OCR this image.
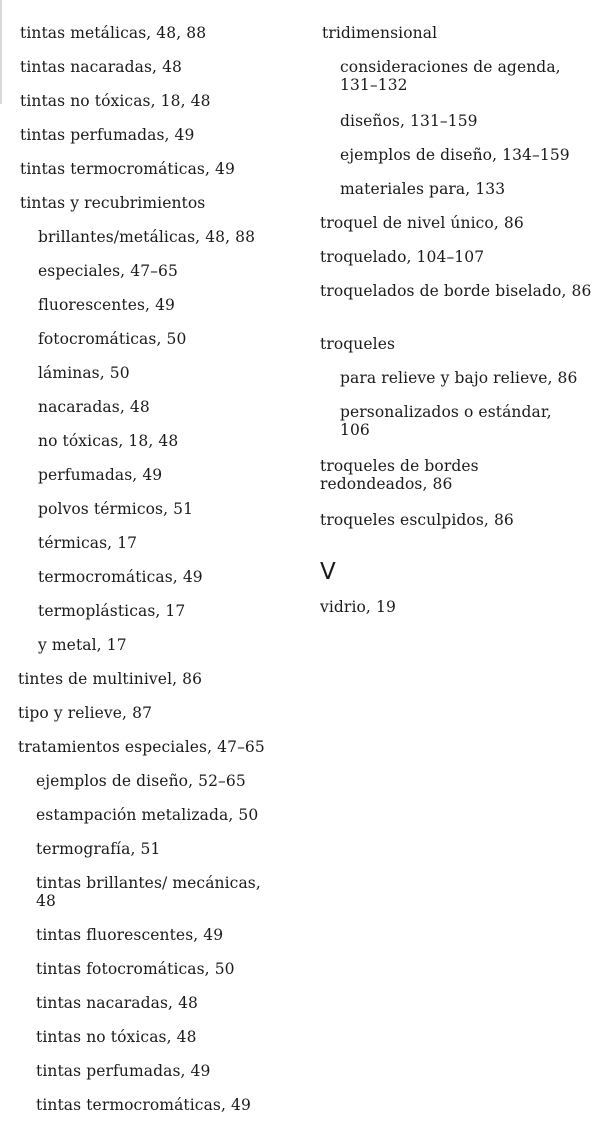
tintas metálicas, 48, 88
tintas nacaradas, 48
tintas no tóxicas, 18, 48
tintas perfumadas, 49
tintas termocromáticas, 49
tintas y recubrimientos
brillantes/metálicas, 48, 88
especiales, 47–65
fluorescentes, 49
fotocromáticas, 50
láminas, 50
nacaradas, 48
no tóxicas, 18, 48
perfumadas, 49
polvos térmicos, 51
térmicas, 17
termocromáticas, 49
termoplásticas, 17
y metal, 17
tintes de multinivel, 86
tipo y relieve, 87
tratamientos especiales, 47–65
ejemplos de diseño, 52–65
estampación metalizada, 50
termografía, 51
tintas brillantes/ mecánicas, 48
tintas fluorescentes, 49
tintas fotocromáticas, 50
tintas nacaradas, 48
tintas no tóxicas, 48
tintas perfumadas, 49
tintas termocromáticas, 49
tridimensional
consideraciones de agenda, 131–132
diseños, 131–159
ejemplos de diseño, 134–159
materiales para, 133
troquel de nivel único, 86
troquelado, 104–107
troquelados de borde biselado, 86
troqueles
para relieve y bajo relieve, 86
personalizados o estándar, 106
troqueles de bordes redondeados, 86
troqueles esculpidos, 86
V
vidrio, 19
